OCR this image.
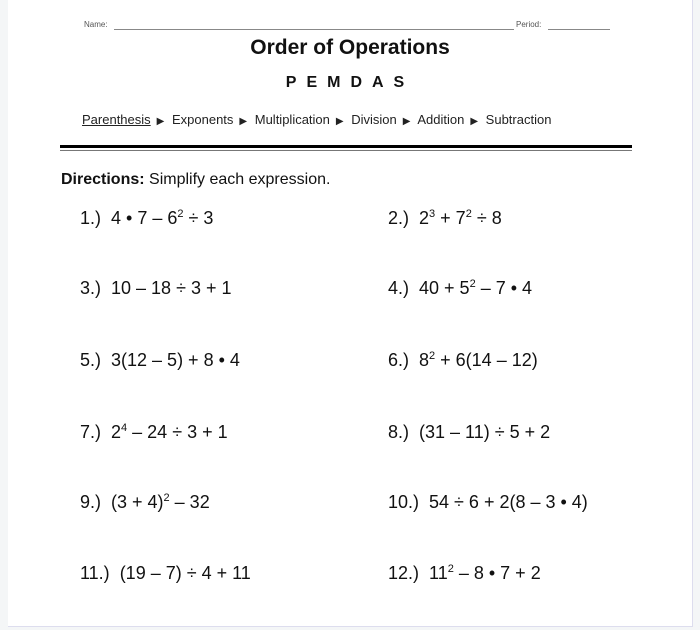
Name:	Period:
Order of Operations
PEMDAS
Parenthesis ▶ Exponents ▶ Multiplication ▶ Division ▶ Addition ▶ Subtraction
Directions: Simplify each expression.
1.) 4 • $7 - 6^2 \div 3$	2.) $2^3 + 7^2 \div 8$
3.) 10 – 18 ÷ 3 + 1	4.) $40 + 5^2 - 7$ • 4
5.) 3(12 – 5) + 8 • 4	6.) $8^2 + 6(14 - 12)$
7.) $2^4 - 24 \div 3 + 1$	8.) (31 – 11) ÷ 5 + 2
9.) $(3 + 4)^2 - 32$	10.) 54 ÷ 6 + 2(8 – 3 • 4)
11.) (19 – 7) ÷ 4 + 11	12.) $11^2 - 8$ • 7 + 2
